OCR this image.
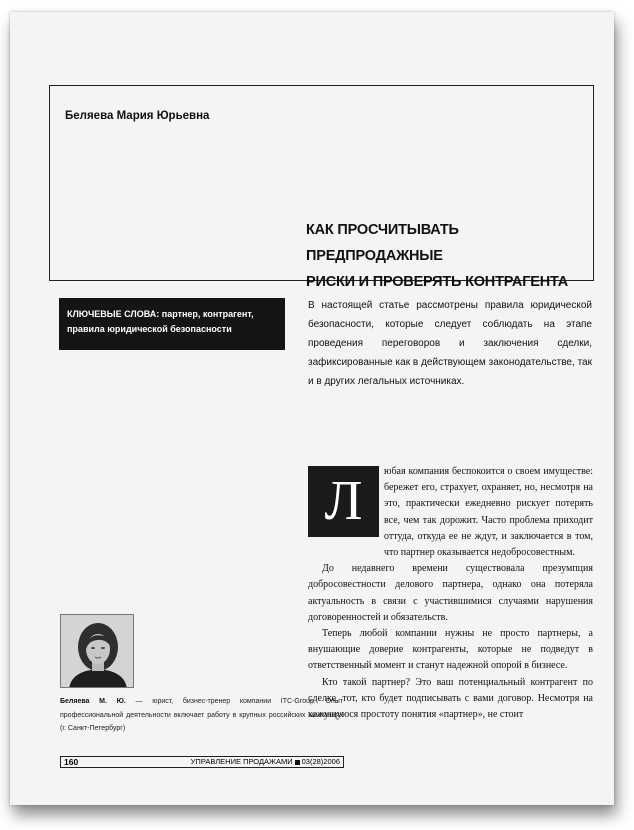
Беляева Мария Юрьевна
КАК ПРОСЧИТЫВАТЬ ПРЕДПРОДАЖНЫЕ
РИСКИ И ПРОВЕРЯТЬ КОНТРАГЕНТА
КЛЮЧЕВЫЕ СЛОВА: партнер, контрагент, правила юридической безопасности

В настоящей статье рассмотрены правила юридической безопасности, которые следует соблюдать на этапе проведения переговоров и заключения сделки, зафиксированные как в действующем законодательстве, так и в других легальных источниках.

Л	юбая компания беспокоится о своем имуществе: бережет его, страхует, охраняет, но, несмотря на это, практически ежедневно рискует потерять все, чем так дорожит. Часто проблема приходит оттуда, откуда ее не ждут, и заключается в том, что партнер оказывается недобросовестным.

До недавнего времени существовала презумпция добросовестности делового партнера, однако она потеряла актуальность в связи с участившимися случаями нарушения договоренностей и обязательств.

Теперь любой компании нужны не просто партнеры, а внушающие доверие контрагенты, которые не подведут в ответственный момент и станут надежной опорой в бизнесе.

Кто такой партнер? Это ваш потенциальный контрагент по сделке, тот, кто будет подписывать с вами договор. Несмотря на кажущуюся простоту понятия «партнер», не стоит

Беляева М. Ю. — юрист, бизнес-тренер компании ITC-Group. Опыт профессиональной деятельности включает работу в крупных российских компаниях (г. Санкт-Петербург)

160	УПРАВЛЕНИЕ ПРОДАЖАМИ 03(28)2006
